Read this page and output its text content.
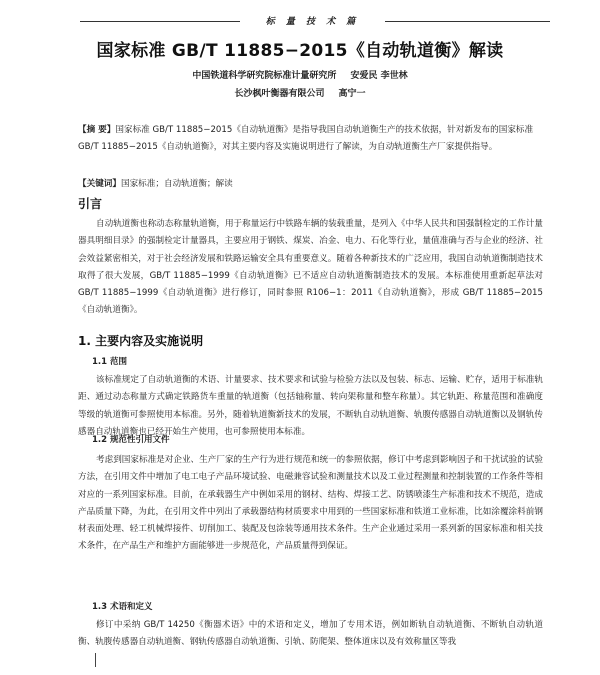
标 量 技 术 篇
国家标准 GB/T 11885−2015《自动轨道衡》解读
中国铁道科学研究院标准计量研究所 安爱民 李世林
长沙枫叶衡器有限公司 高宁一
【摘 要】国家标准 GB/T 11885−2015《自动轨道衡》是指导我国自动轨道衡生产的技术依据，针对新发布的国家标准 GB/T 11885−2015《自动轨道衡》，对其主要内容及实施说明进行了解读，为自动轨道衡生产厂家提供指导。
【关键词】国家标准；自动轨道衡；解读
引言
自动轨道衡也称动态称量轨道衡，用于称量运行中铁路车辆的装载重量，是列入《中华人民共和国强制检定的工作计量器具明细目录》的强制检定计量器具，主要应用于钢铁、煤炭、冶金、电力、石化等行业，量值准确与否与企业的经济、社会效益紧密相关，对于社会经济发展和铁路运输安全具有重要意义。随着各种新技术的广泛应用，我国自动轨道衡制造技术取得了很大发展，GB/T 11885−1999《自动轨道衡》已不适应自动轨道衡制造技术的发展。本标准使用重新起草法对 GB/T 11885−1999《自动轨道衡》进行修订，同时参照 R106−1：2011《自动轨道衡》，形成 GB/T 11885−2015《自动轨道衡》。
1. 主要内容及实施说明
1.1 范围
该标准规定了自动轨道衡的术语、计量要求、技术要求和试验与检验方法以及包装、标志、运输、贮存，适用于标准轨距、通过动态称量方式确定铁路货车重量的轨道衡（包括轴称量、转向架称量和整车称量）。其它轨距、称量范围和准确度等级的轨道衡可参照使用本标准。另外，随着轨道衡新技术的发展，不断轨自动轨道衡、轨腹传感器自动轨道衡以及钢轨传感器自动轨道衡也已经开始生产使用，也可参照使用本标准。
1.2 规范性引用文件
考虑到国家标准是对企业、生产厂家的生产行为进行规范和统一的参照依据，修订中考虑到影响因子和干扰试验的试验方法，在引用文件中增加了电工电子产品环境试验、电磁兼容试验和测量技术以及工业过程测量和控制装置的工作条件等相对应的一系列国家标准。目前，在承载器生产中例如采用的钢材、结构、焊接工艺、防锈喷漆生产标准和技术不规范，造成产品质量下降，为此，在引用文件中列出了承载器结构材质要求中用到的一些国家标准和铁道工业标准，比如涂覆涂料前钢材表面处理、轻工机械焊接件、切削加工、装配及包涂装等通用技术条件。生产企业通过采用一系列新的国家标准和相关技术条件，在产品生产和维护方面能够进一步规范化，产品质量得到保证。
1.3 术语和定义
修订中采纳 GB/T 14250《衡器术语》中的术语和定义，增加了专用术语，例如断轨自动轨道衡、不断轨自动轨道衡、轨腹传感器自动轨道衡、钢轨传感器自动轨道衡、引轨、防爬架、整体道床以及有效称量区等我
